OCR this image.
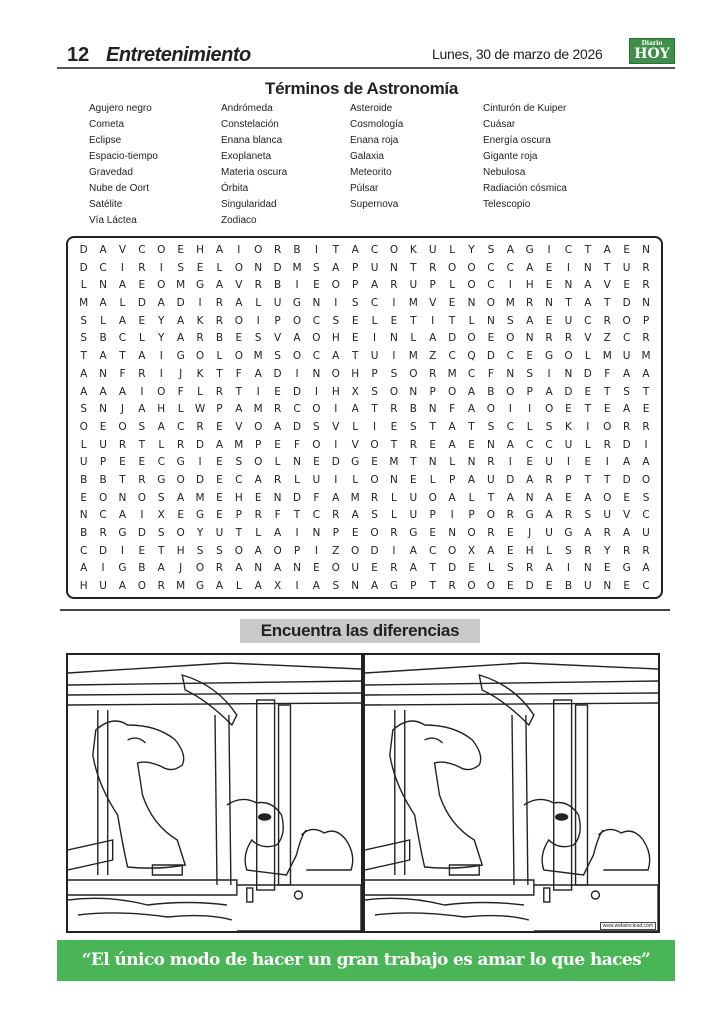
12 Entretenimiento	Lunes, 30 de marzo de 2026
Diario
HOY
Términos de Astronomía
Agujero negro	Andrómeda	Asteroide	Cinturón de Kuiper
Cometa	Constelación	Cosmología	Cuásar
Eclipse	Enana blanca	Enana roja	Energía oscura
Espacio-tiempo	Exoplaneta	Galaxia	Gigante roja
Gravedad	Materia oscura	Meteorito	Nebulosa
Nube de Oort	Órbita	Púlsar	Radiación cósmica
Satélite	Singularidad	Supernova	Telescopio
Vía Láctea	Zodiaco
D	A	V	C	O	E	H	A	I	O	R	B	I	T	A	C	O	K	U	L	Y	S	A	G	I	C	T	A	E	N
D	C	I	R	I	S	E	L	O	N	D	M	S	A	P	U	N	T	R	O	O	C	C	A	E	I	N	T	U	R
L	N	A	E	O	M	G	A	V	R	B	I	E	O	P	A	R	U	P	L	O	C	I	H	E	N	A	V	E	R
M	A	L	D	A	D	I	R	A	L	U	G	N	I	S	C	I	M	V	E	N	O	M	R	N	T	A	T	D	N
S	L	A	E	Y	A	K	R	O	I	P	O	C	S	E	L	E	T	I	T	L	N	S	A	E	U	C	R	O	P
S	B	C	L	Y	A	R	B	E	S	V	A	O	H	E	I	N	L	A	D	O	E	O	N	R	R	V	Z	C	R
T	A	T	A	I	G	O	L	O	M	S	O	C	A	T	U	I	M	Z	C	Q	D	C	E	G	O	L	M	U	M
A	N	F	R	I	J	K	T	F	A	D	I	N	O	H	P	S	O	R	M	C	F	N	S	I	N	D	F	A	A
A	A	A	I	O	F	L	R	T	I	E	D	I	H	X	S	O	N	P	O	A	B	O	P	A	D	E	T	S	T
S	N	J	A	H	L	W	P	A	M	R	C	O	I	A	T	R	B	N	F	A	O	I	I	O	E	T	E	A	E
O	E	O	S	A	C	R	E	V	O	A	D	S	V	L	I	E	S	T	A	T	S	C	L	S	K	I	O	R	R
L	U	R	T	L	R	D	A	M	P	E	F	O	I	V	O	T	R	E	A	E	N	A	C	C	U	L	R	D	I
U	P	E	E	C	G	I	E	S	O	L	N	E	D	G	E	M	T	N	L	N	R	I	E	U	I	E	I	A	A
B	B	T	R	G	O	D	E	C	A	R	L	U	I	L	O	N	E	L	P	A	U	D	A	R	P	T	T	D	O
E	O	N	O	S	A	M	E	H	E	N	D	F	A	M	R	L	U	O	A	L	T	A	N	A	E	A	O	E	S
N	C	A	I	X	E	G	E	P	R	F	T	C	R	A	S	L	U	P	I	P	O	R	G	A	R	S	U	V	C
B	R	G	D	S	O	Y	U	T	L	A	I	N	P	E	O	R	G	E	N	O	R	E	J	U	G	A	R	A	U
C	D	I	E	T	H	S	S	O	A	O	P	I	Z	O	D	I	A	C	O	X	A	E	H	L	S	R	Y	R	R
A	I	G	B	A	J	O	R	A	N	A	N	E	O	U	E	R	A	T	D	E	L	S	R	A	I	N	E	G	A
H	U	A	O	R	M	G	A	L	A	X	I	A	S	N	A	G	P	T	R	O	O	E	D	E	B	U	N	E	C
Encuentra las diferencias
www.websincloud.com
“El único modo de hacer un gran trabajo es amar lo que haces”
